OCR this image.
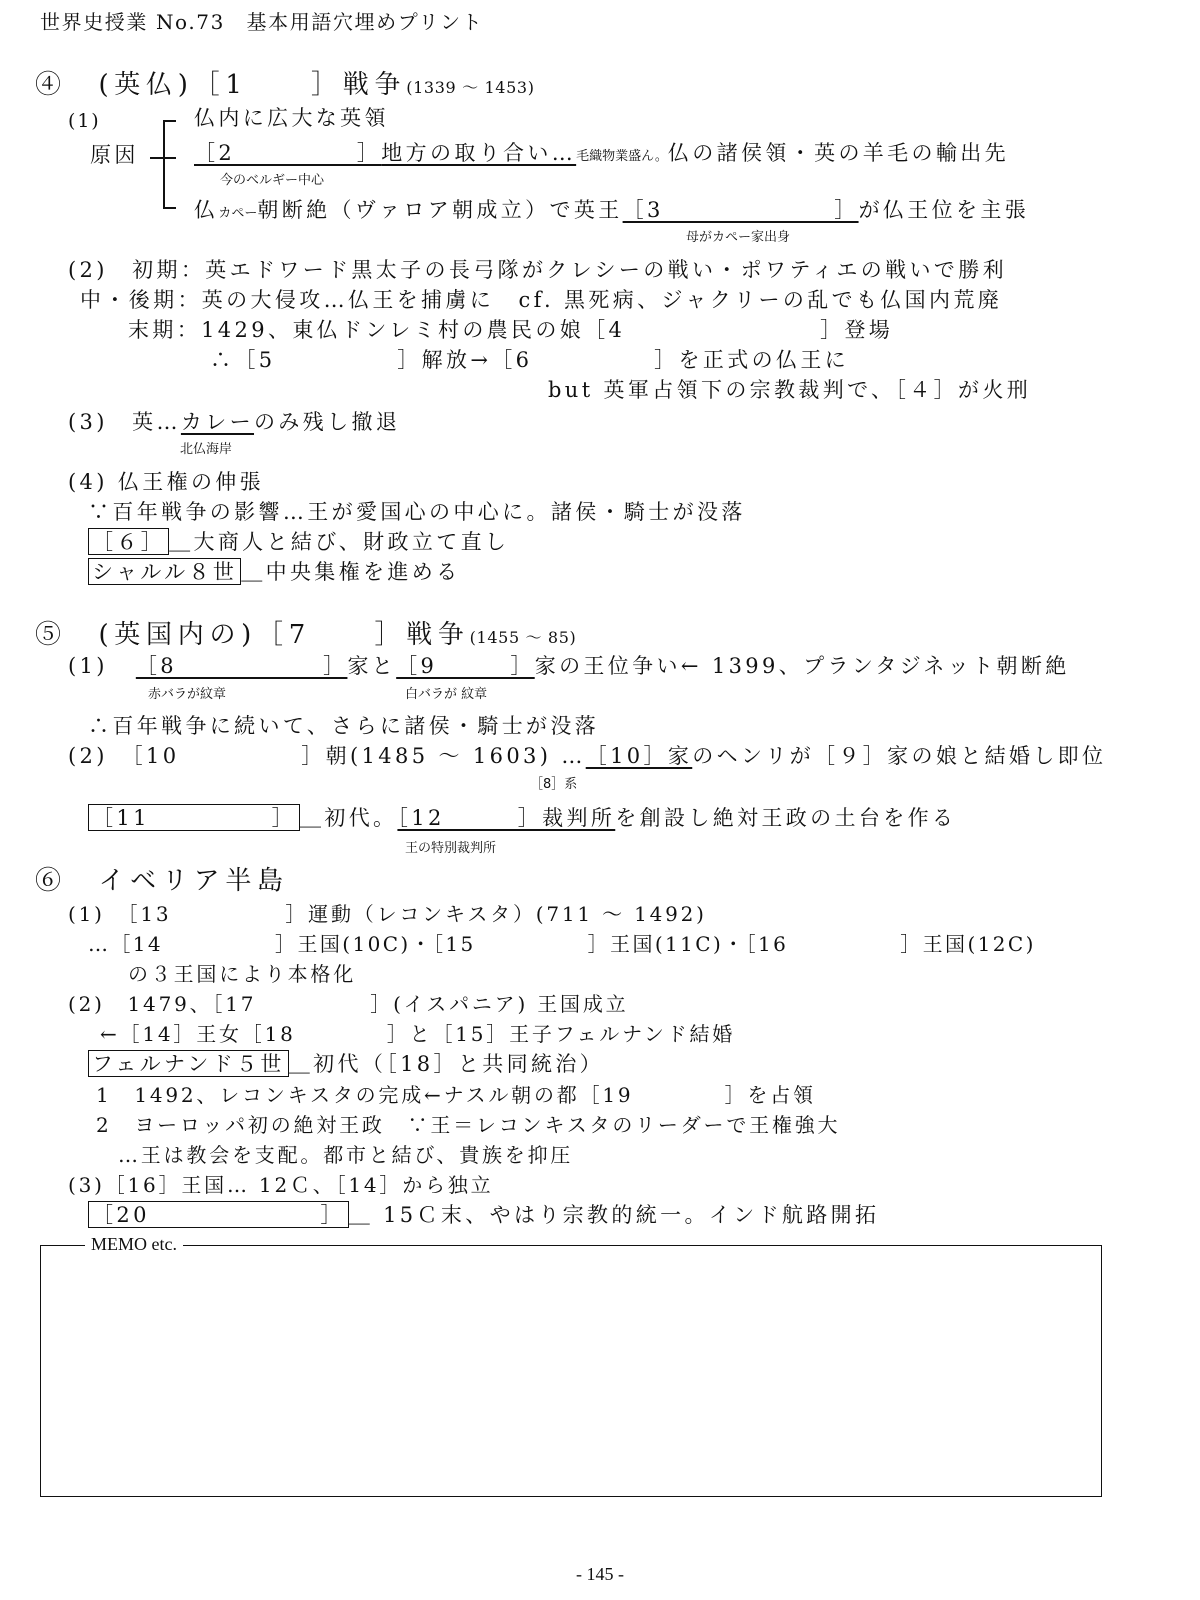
世界史授業 No.73　基本用語穴埋めプリント
④　(英仏)［1　　］戦争(1339 ～ 1453)
(1)
原因
仏内に広大な英領
［2　　　　　］地方の取り合い…毛織物業盛ん。仏の諸侯領・英の羊毛の輸出先
今のベルギー中心
仏カペー朝断絶（ヴァロア朝成立）で英王［3　　　　　　　］が仏王位を主張
母がカペー家出身
(2)　初期：英エドワード黒太子の長弓隊がクレシーの戦い・ポワティエの戦いで勝利
中・後期：英の大侵攻…仏王を捕虜に　cf. 黒死病、ジャクリーの乱でも仏国内荒廃
末期：1429、東仏ドンレミ村の農民の娘［4　　　　　　　　］登場
∴［5　　　　　］解放→［6　　　　　］を正式の仏王に
but 英軍占領下の宗教裁判で、［４］が火刑
(3)　英…カレーのみ残し撤退
北仏海岸
(4) 仏王権の伸張
∵百年戦争の影響…王が愛国心の中心に。諸侯・騎士が没落
［６］ ＿大商人と結び、財政立て直し
シャルル８世 ＿中央集権を進める
⑤　(英国内の)［7　　］戦争(1455 ～ 85)
(1) ［8　　　　　　］家と［9　　　］家の王位争い← 1399、プランタジネット朝断絶
赤バラが紋章	白バラが 紋章
∴百年戦争に続いて、さらに諸侯・騎士が没落
(2)　［10　　　　　］朝(1485 ～ 1603) …［10］家のヘンリが［９］家の娘と結婚し即位
［8］系
［11　　　　　］ ＿初代。［12　　　］裁判所を創設し絶対王政の土台を作る
王の特別裁判所
⑥　イベリア半島
(1)　［13　　　　　］運動（レコンキスタ）(711 ～ 1492)
…［14　　　　　］王国(10C)・［15　　　　　］王国(11C)・［16　　　　　］王国(12C)
の３王国により本格化
(2)　1479、［17　　　　　］(イスパニア) 王国成立
←［14］王女［18　　　　］と［15］王子フェルナンド結婚
フェルナンド５世 ＿初代（［18］と共同統治）
1　1492、レコンキスタの完成←ナスル朝の都［19　　　　］を占領
2　ヨーロッパ初の絶対王政　∵王＝レコンキスタのリーダーで王権強大
…王は教会を支配。都市と結び、貴族を抑圧
(3)［16］王国… 12Ｃ、［14］から独立
［20　　　　　　　］ ＿ 15Ｃ末、やはり宗教的統一。インド航路開拓
MEMO etc.
- 145 -
